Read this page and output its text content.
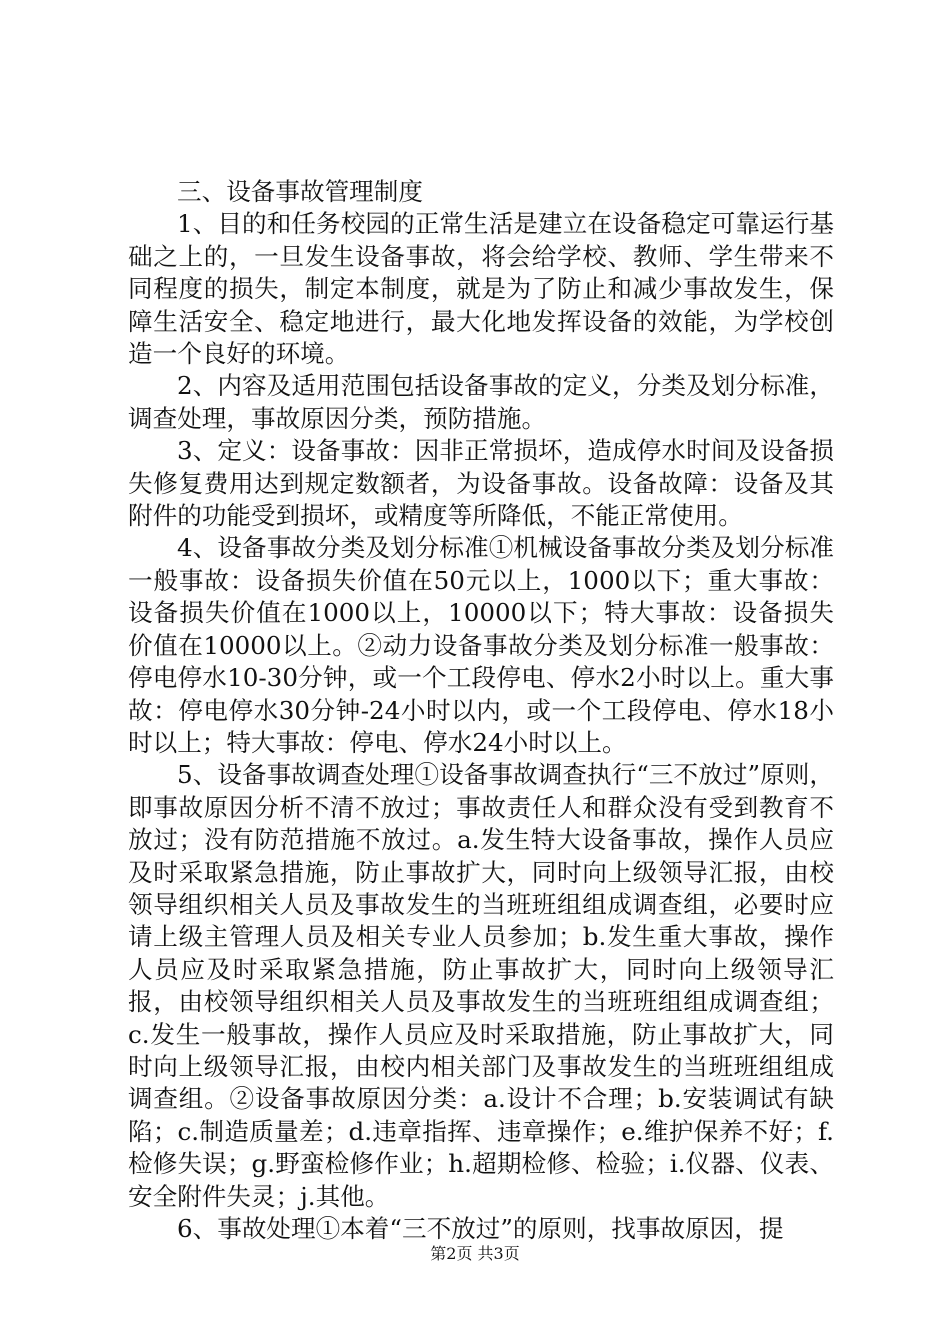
三、设备事故管理制度

1、目的和任务校园的正常生活是建立在设备稳定可靠运行基础之上的，一旦发生设备事故，将会给学校、教师、学生带来不同程度的损失，制定本制度，就是为了防止和减少事故发生，保障生活安全、稳定地进行，最大化地发挥设备的效能，为学校创造一个良好的环境。

2、内容及适用范围包括设备事故的定义，分类及划分标准，调查处理，事故原因分类，预防措施。

3、定义：设备事故：因非正常损坏，造成停水时间及设备损失修复费用达到规定数额者，为设备事故。设备故障：设备及其附件的功能受到损坏，或精度等所降低，不能正常使用。

4、设备事故分类及划分标准①机械设备事故分类及划分标准一般事故：设备损失价值在50元以上，1000以下；重大事故：设备损失价值在1000以上，10000以下；特大事故：设备损失价值在10000以上。②动力设备事故分类及划分标准一般事故：停电停水10-30分钟，或一个工段停电、停水2小时以上。重大事故：停电停水30分钟-24小时以内，或一个工段停电、停水18小时以上；特大事故：停电、停水24小时以上。

5、设备事故调查处理①设备事故调查执行“三不放过”原则，即事故原因分析不清不放过；事故责任人和群众没有受到教育不放过；没有防范措施不放过。a.发生特大设备事故，操作人员应及时采取紧急措施，防止事故扩大，同时向上级领导汇报，由校领导组织相关人员及事故发生的当班班组组成调查组，必要时应请上级主管理人员及相关专业人员参加；b.发生重大事故，操作人员应及时采取紧急措施，防止事故扩大，同时向上级领导汇报，由校领导组织相关人员及事故发生的当班班组组成调查组；c.发生一般事故，操作人员应及时采取措施，防止事故扩大，同时向上级领导汇报，由校内相关部门及事故发生的当班班组组成调查组。②设备事故原因分类：a.设计不合理；b.安装调试有缺陷；c.制造质量差；d.违章指挥、违章操作；e.维护保养不好；f.检修失误；g.野蛮检修作业；h.超期检修、检验；i.仪器、仪表、安全附件失灵；j.其他。

6、事故处理①本着“三不放过”的原则，找事故原因，提

第2页 共3页
